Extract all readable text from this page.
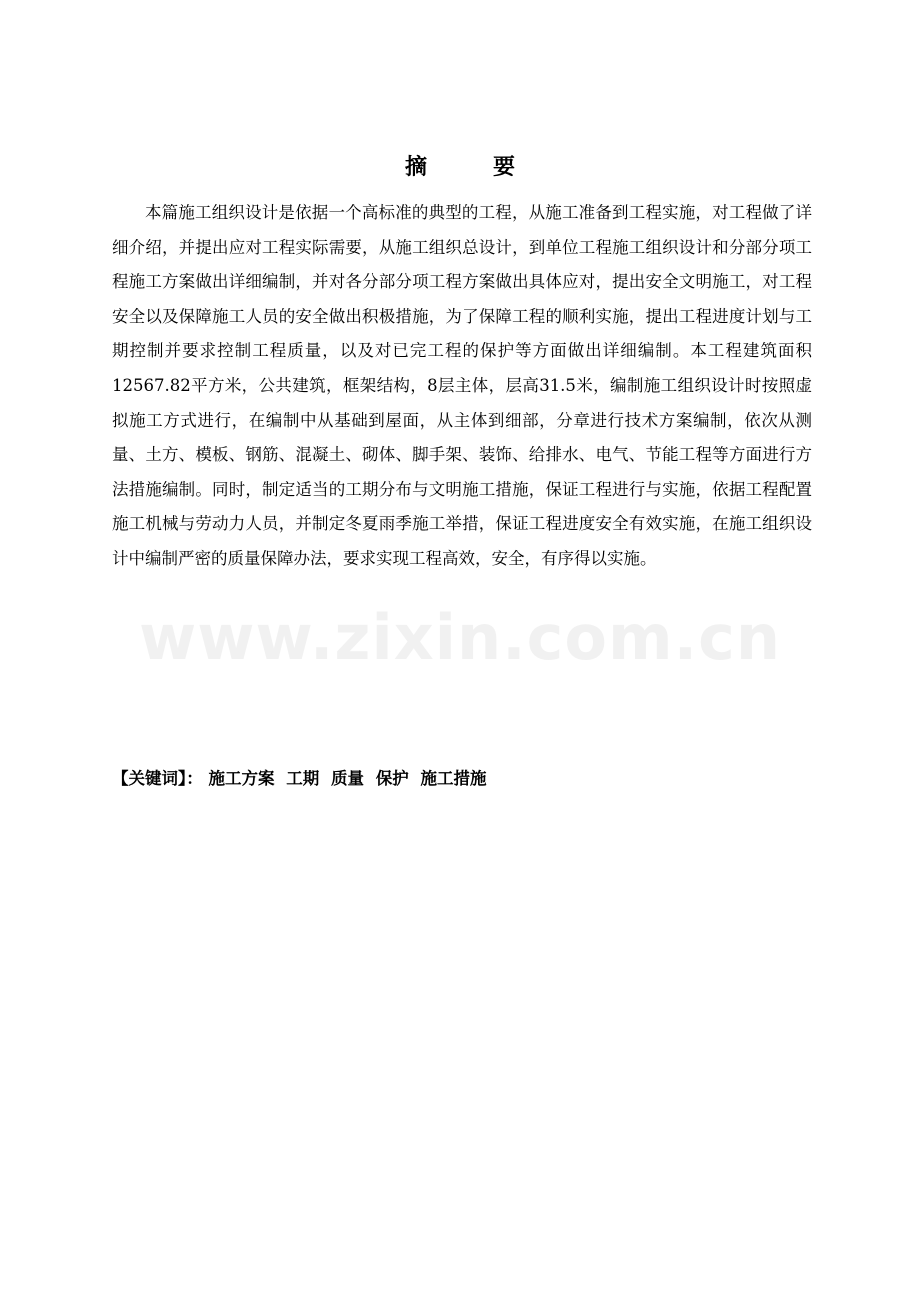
摘　要

本篇施工组织设计是依据一个高标准的典型的工程，从施工准备到工程实施，对工程做了详细介绍，并提出应对工程实际需要，从施工组织总设计，到单位工程施工组织设计和分部分项工程施工方案做出详细编制，并对各分部分项工程方案做出具体应对，提出安全文明施工，对工程安全以及保障施工人员的安全做出积极措施，为了保障工程的顺利实施，提出工程进度计划与工期控制并要求控制工程质量，以及对已完工程的保护等方面做出详细编制。本工程建筑面积12567.82平方米，公共建筑，框架结构，8层主体，层高31.5米，编制施工组织设计时按照虚拟施工方式进行，在编制中从基础到屋面，从主体到细部，分章进行技术方案编制，依次从测量、土方、模板、钢筋、混凝土、砌体、脚手架、装饰、给排水、电气、节能工程等方面进行方法措施编制。同时，制定适当的工期分布与文明施工措施，保证工程进行与实施，依据工程配置施工机械与劳动力人员，并制定冬夏雨季施工举措，保证工程进度安全有效实施，在施工组织设计中编制严密的质量保障办法，要求实现工程高效，安全，有序得以实施。

www.zixin.com.cn
【关键词】： 施工方案 工期 质量 保护 施工措施
